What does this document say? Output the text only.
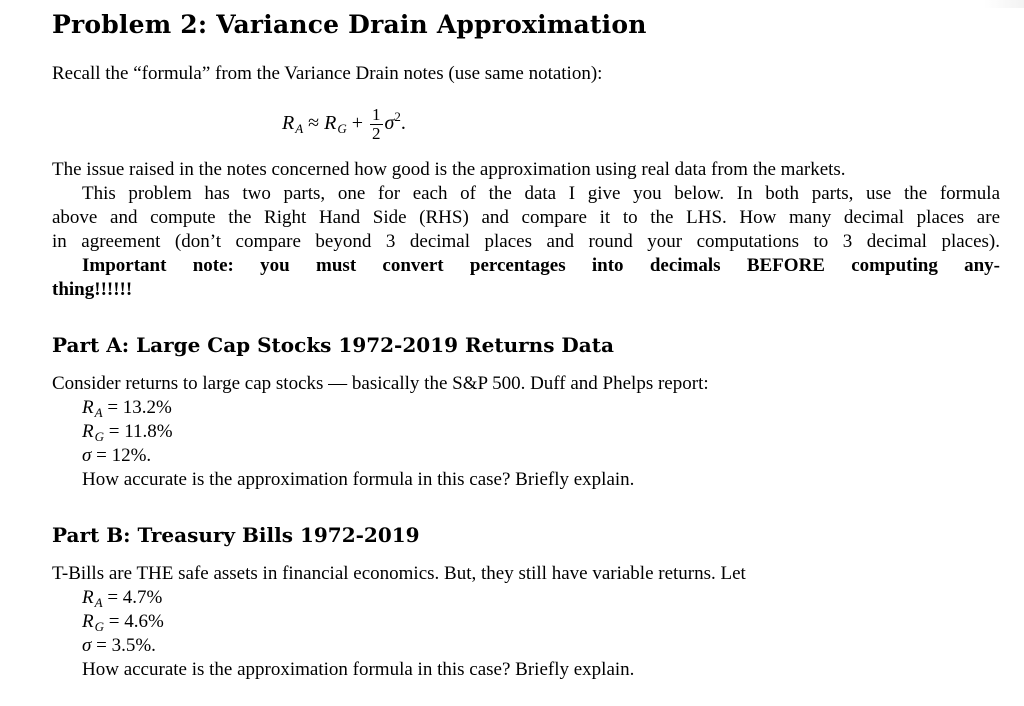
Problem 2: Variance Drain Approximation
Recall the “formula” from the Variance Drain notes (use same notation):
$R_A \approx R_G + \frac{1}{2} \sigma^2$.
The issue raised in the notes concerned how good is the approximation using real data from the markets.
This problem has two parts, one for each of the data I give you below. In both parts, use the formula
above and compute the Right Hand Side (RHS) and compare it to the LHS. How many decimal places are
in agreement (don’t compare beyond 3 decimal places and round your computations to 3 decimal places).
Important note: you must convert percentages into decimals BEFORE computing any-
thing!!!!!!
Part A: Large Cap Stocks 1972-2019 Returns Data
Consider returns to large cap stocks — basically the S&P 500. Duff and Phelps report:
$R_A = 13.2\%$
$R_G = 11.8\%$
σ = 12%.
How accurate is the approximation formula in this case? Briefly explain.
Part B: Treasury Bills 1972-2019
T-Bills are THE safe assets in financial economics. But, they still have variable returns. Let
$R_A = 4.7\%$
$R_G = 4.6\%$
σ = 3.5%.
How accurate is the approximation formula in this case? Briefly explain.
